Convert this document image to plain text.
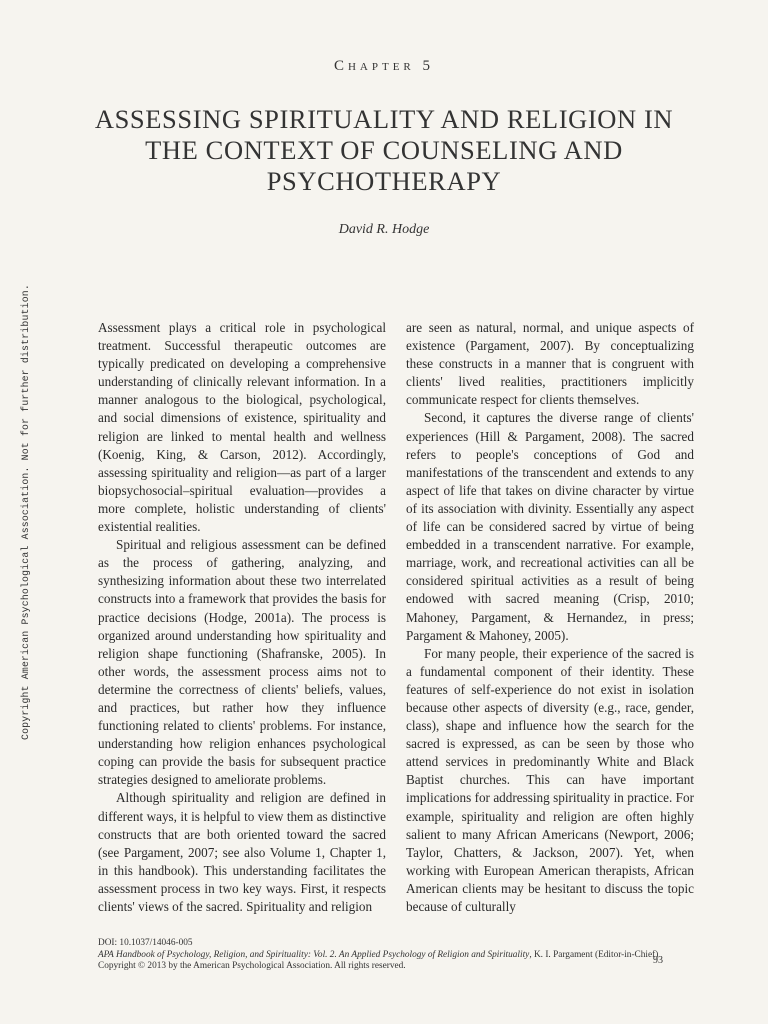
Chapter 5
ASSESSING SPIRITUALITY AND RELIGION IN THE CONTEXT OF COUNSELING AND PSYCHOTHERAPY
David R. Hodge
Copyright American Psychological Association. Not for further distribution.	Assessment plays a critical role in psychological treatment. Successful therapeutic outcomes are typically predicated on developing a comprehensive understanding of clinically relevant information. In a manner analogous to the biological, psychological, and social dimensions of existence, spirituality and religion are linked to mental health and wellness (Koenig, King, & Carson, 2012). Accordingly, assessing spirituality and religion—as part of a larger biopsychosocial–spiritual evaluation—provides a more complete, holistic understanding of clients' existential realities.

Spiritual and religious assessment can be defined as the process of gathering, analyzing, and synthesizing information about these two interrelated constructs into a framework that provides the basis for practice decisions (Hodge, 2001a). The process is organized around understanding how spirituality and religion shape functioning (Shafranske, 2005). In other words, the assessment process aims not to determine the correctness of clients' beliefs, values, and practices, but rather how they influence functioning related to clients' problems. For instance, understanding how religion enhances psychological coping can provide the basis for subsequent practice strategies designed to ameliorate problems.

Although spirituality and religion are defined in different ways, it is helpful to view them as distinctive constructs that are both oriented toward the sacred (see Pargament, 2007; see also Volume 1, Chapter 1, in this handbook). This understanding facilitates the assessment process in two key ways. First, it respects clients' views of the sacred. Spirituality and religion

are seen as natural, normal, and unique aspects of existence (Pargament, 2007). By conceptualizing these constructs in a manner that is congruent with clients' lived realities, practitioners implicitly communicate respect for clients themselves.

Second, it captures the diverse range of clients' experiences (Hill & Pargament, 2008). The sacred refers to people's conceptions of God and manifestations of the transcendent and extends to any aspect of life that takes on divine character by virtue of its association with divinity. Essentially any aspect of life can be considered sacred by virtue of being embedded in a transcendent narrative. For example, marriage, work, and recreational activities can all be considered spiritual activities as a result of being endowed with sacred meaning (Crisp, 2010; Mahoney, Pargament, & Hernandez, in press; Pargament & Mahoney, 2005).

For many people, their experience of the sacred is a fundamental component of their identity. These features of self-experience do not exist in isolation because other aspects of diversity (e.g., race, gender, class), shape and influence how the search for the sacred is expressed, as can be seen by those who attend services in predominantly White and Black Baptist churches. This can have important implications for addressing spirituality in practice. For example, spirituality and religion are often highly salient to many African Americans (Newport, 2006; Taylor, Chatters, & Jackson, 2007). Yet, when working with European American therapists, African American clients may be hesitant to discuss the topic because of culturally

DOI: 10.1037/14046-005
APA Handbook of Psychology, Religion, and Spirituality: Vol. 2. An Applied Psychology of Religion and Spirituality, K. I. Pargament (Editor-in-Chief)
Copyright © 2013 by the American Psychological Association. All rights reserved.	93
